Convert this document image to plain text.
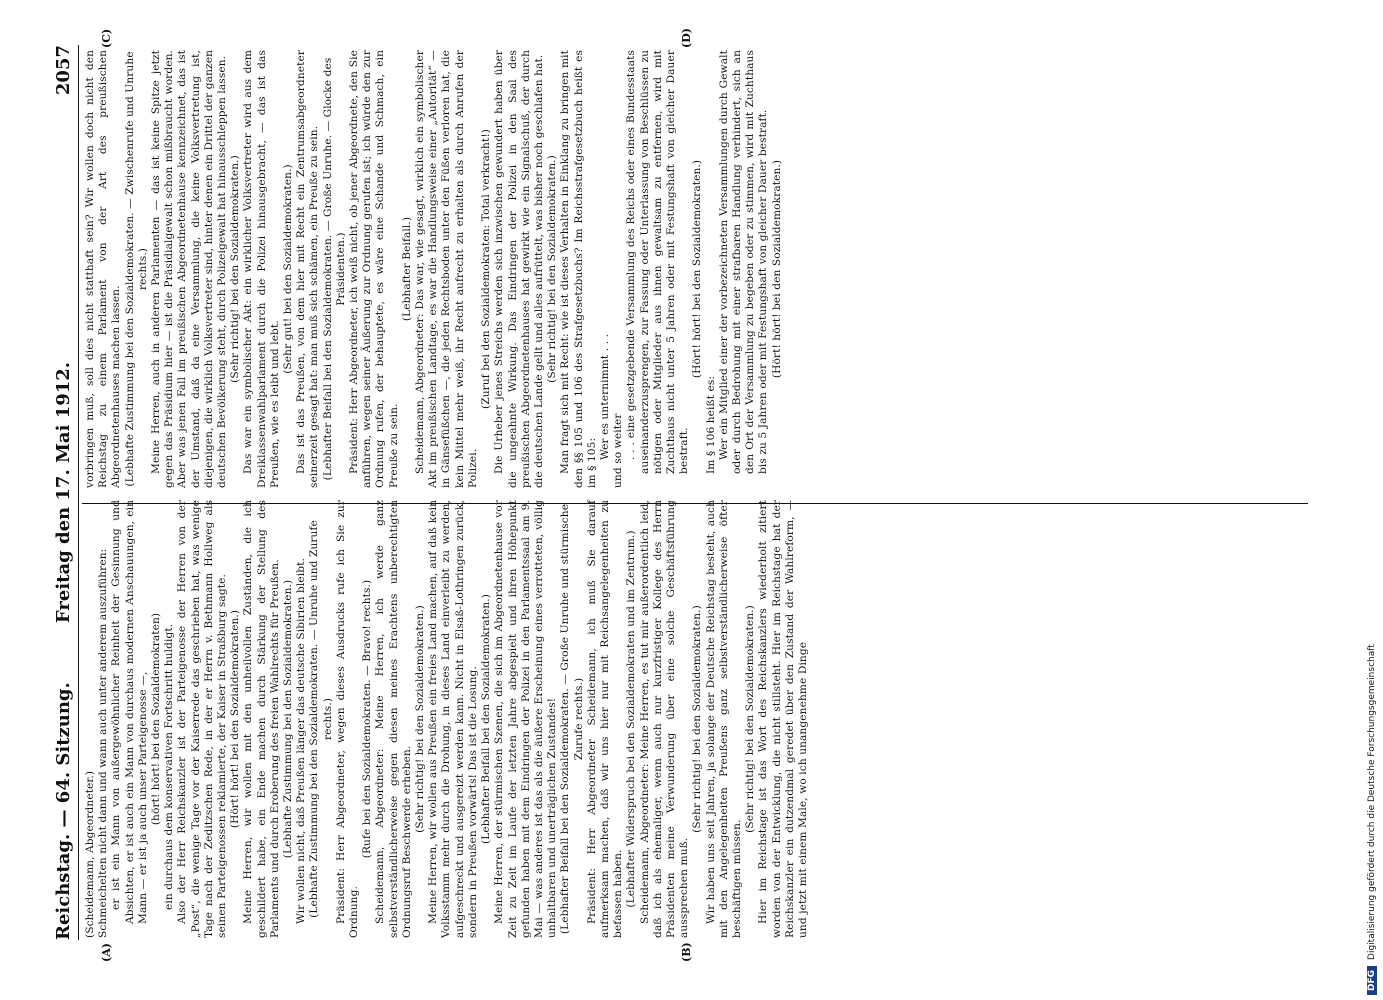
Reichstag. — 64. Sitzung.
Freitag den 17. Mai 1912.
2057
(A)	(B)
(C)	(D)

(Scheidemann, Abgeordneter.) Schmeichelten nicht dann und wann auch unter anderem auszuführen: er ist ein Mann von außergewöhnlicher Reinheit der Gesinnung und Absichten, er ist auch ein Mann von durchaus modernen Anschauungen, ein Mann — er ist ja auch unser Parteigenosse —, (hört! hört! bei den Sozialdemokraten) ein durchaus dem konservativen Fortschritt huldigt. Also der Herr Reichskanzler ist der Parteigenosse der Herren von der „Post“, die wenige Tage vor der Kaiserrede das geschrieben hat, was wenige Tage nach der Zeditzschen Rede, in der er Herrn v. Bethmann Hollweg als seinen Parteigenossen reklamierte, der Kaiser in Straßburg sagte. (Hört! hört! bei den Sozialdemokraten.) Meine Herren, wir wollen mit den unheilvollen Zuständen, die ich geschildert habe, ein Ende machen durch Stärkung der Stellung des Parlaments und durch Eroberung des freien Wahlrechts für Preußen. (Lebhafte Zustimmung bei den Sozialdemokraten.) Wir wollen nicht, daß Preußen länger das deutsche Sibirien bleibt. (Lebhafte Zustimmung bei den Sozialdemokraten. — Unruhe und Zurufe rechts.) Präsident: Herr Abgeordneter, wegen dieses Ausdrucks rufe ich Sie zur Ordnung.

(Rufe bei den Sozialdemokraten. — Bravo! rechts.) Scheidemann, Abgeordneter: Meine Herren, ich werde ganz selbstverständlicherweise gegen diesen meines Erachtens unberechtigten Ordnungsruf Beschwerde erheben.

(Sehr richtig! bei den Sozialdemokraten.) Meine Herren, wir wollen aus Preußen ein freies Land machen, auf daß kein Volksstamm mehr durch die Drohung, in dieses Land einverleibt zu werden, aufgeschreckt und ausgereizt werden kann. Nicht in Elsaß-Lothringen zurück, sondern in Preußen vorwärts! Das ist die Losung. (Lebhafter Beifall bei den Sozialdemokraten.) Meine Herren, der stürmischen Szenen, die sich im Abgeordnetenhause vor Zeit zu Zeit im Laufe der letzten Jahre abgespielt und ihren Höhepunkt gefunden haben mit dem Eindringen der Polizei in den Parlamentssaal am 9. Mai — was anderes ist das als die äußere Erscheinung eines verrotteten, völlig unhaltbaren und unerträglichen Zustandes! (Lebhafter Beifall bei den Sozialdemokraten. — Große Unruhe und stürmische Zurufe rechts.) Präsident: Herr Abgeordneter Scheidemann, ich muß Sie darauf aufmerksam machen, daß wir uns hier nur mit Reichsangelegenheiten zu befassen haben. (Lebhafter Widerspruch bei den Sozialdemokraten und im Zentrum.) Scheidemann, Abgeordneter: Meine Herren, es tut mir außerordentlich leid, daß ich als ehemaliger, wenn auch nur kurzfristiger Kollege des Herrn Präsidenten meine Verwunderung über eine solche Geschäftsführung aussprechen muß.

(Sehr richtig! bei den Sozialdemokraten.) Wir haben uns seit Jahren, ja solange der Deutsche Reichstag besteht, auch mit den Angelegenheiten Preußens ganz selbstverständlicherweise öfter beschäftigen müssen.

(Sehr richtig! bei den Sozialdemokraten.) Hier im Reichstage ist das Wort des Reichskanzlers wiederholt zitiert worden von der Entwicklung, die nicht stillsteht. Hier im Reichstage hat der Reichskanzler ein dutzendmal geredet über den Zustand der Wahlreform, — und jetzt mit einem Male, wo ich unangenehme Dinge

vorbringen muß, soll dies nicht statthaft sein? Wir wollen doch nicht den Reichstag zu einem Parlament von der Art des preußischen Abgeordnetenhauses machen lassen. (Lebhafte Zustimmung bei den Sozialdemokraten. — Zwischenrufe und Unruhe rechts.) Meine Herren, auch in anderen Parlamenten — das ist keine Spitze jetzt gegen das Präsidium hier — ist die Präsidialgewalt schon mißbraucht worden. Aber was jenen Fall im preußischen Abgeordnetenhause kennzeichnet, das ist der Umstand, daß da eine Versammlung, die keine Volksvertretung ist, diejenigen, die wirklich Volksvertreter sind, hinter denen ein Drittel der ganzen deutschen Bevölkerung steht, durch Polizeigewalt hat hinausschleppen lassen. (Sehr richtig! bei den Sozialdemokraten.) Das war ein symbolischer Akt: ein wirklicher Volksvertreter wird aus dem Dreiklassenwahlparlament durch die Polizei hinausgebracht, — das ist das Preußen, wie es leibt und lebt.

(Sehr gut! bei den Sozialdemokraten.) Das ist das Preußen, von dem hier mit Recht ein Zentrumsabgeordneter seinerzeit gesagt hat: man muß sich schämen, ein Preuße zu sein. (Lebhafter Beifall bei den Sozialdemokraten. — Große Unruhe. — Glocke des Präsidenten.) Präsident: Herr Abgeordneter, ich weiß nicht, ob jener Abgeordnete, den Sie anführen, wegen seiner Äußerung zur Ordnung gerufen ist; ich würde den zur Ordnung rufen, der behauptete, es wäre eine Schande und Schmach, ein Preuße zu sein.

(Lebhafter Beifall.) Scheidemann, Abgeordneter: Das war, wie gesagt, wirklich ein symbolischer Akt im preußischen Landtage, es war die Handlungsweise einer „Autorität“ — in Gänsefüßchen —, die jeden Rechtsboden unter den Füßen verloren hat, die kein Mittel mehr weiß, ihr Recht aufrecht zu erhalten als durch Anrufen der Polizei.

(Zuruf bei den Sozialdemokraten: Total verkracht!) Die Urheber jenes Streichs werden sich inzwischen gewundert haben über die ungeahnte Wirkung. Das Eindringen der Polizei in den Saal des preußischen Abgeordnetenhauses hat gewirkt wie ein Signalschuß, der durch die deutschen Lande gellt und alles aufrüttelt, was bisher noch geschlafen hat. (Sehr richtig! bei den Sozialdemokraten.) Man fragt sich mit Recht: wie ist dieses Verhalten in Einklang zu bringen mit den §§ 105 und 106 des Strafgesetzbuchs? Im Reichsstrafgesetzbuch heißt es im § 105:

Wer es unternimmt . . . und so weiter . . . eine gesetzgebende Versammlung des Reichs oder eines Bundesstaats auseinanderzusprengen, zur Fassung oder Unterlassung von Beschlüssen zu nötigen oder Mitglieder aus ihnen gewaltsam zu entfernen, wird mit Zuchthaus nicht unter 5 Jahren oder mit Festungshaft von gleicher Dauer bestraft.

(Hört! hört! bei den Sozialdemokraten.)

Im § 106 heißt es: Wer ein Mitglied einer der vorbezeichneten Versammlungen durch Gewalt oder durch Bedrohung mit einer strafbaren Handlung verhindert, sich an den Ort der Versammlung zu begeben oder zu stimmen, wird mit Zuchthaus bis zu 5 Jahren oder mit Festungshaft von gleicher Dauer bestraft. (Hört! hört! bei den Sozialdemokraten.)

DFGDigitalisierung gefördert durch die Deutsche Forschungsgemeinschaft
